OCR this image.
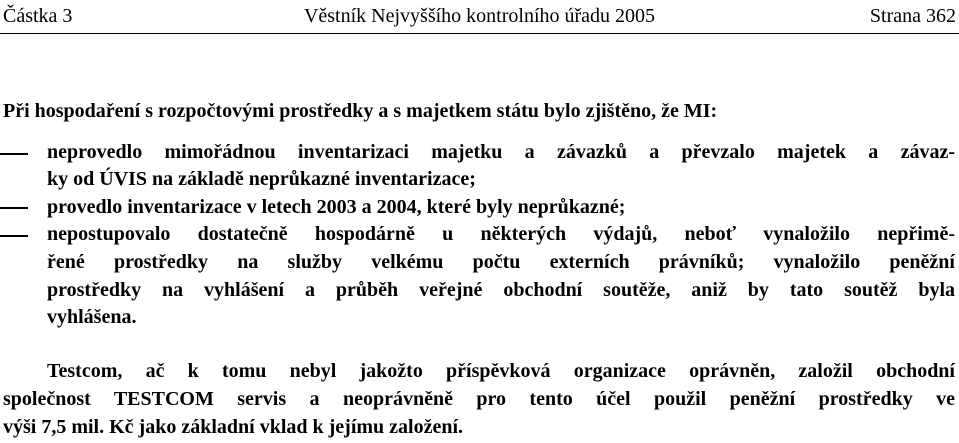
Věstník Nejvyššího kontrolního úřadu 2005
Částka 3	Strana 362
Při hospodaření s rozpočtovými prostředky a s majetkem státu bylo zjištěno, že MI:
neprovedlo mimořádnou inventarizaci majetku a závazků a převzalo majetek a závaz-
ky od ÚVIS na základě neprůkazné inventarizace;
provedlo inventarizace v letech 2003 a 2004, které byly neprůkazné;
nepostupovalo dostatečně hospodárně u některých výdajů, neboť vynaložilo nepřimě-
řené prostředky na služby velkému počtu externích právníků; vynaložilo peněžní
prostředky na vyhlášení a průběh veřejné obchodní soutěže, aniž by tato soutěž byla
vyhlášena.
Testcom, ač k tomu nebyl jakožto příspěvková organizace oprávněn, založil obchodní
společnost TESTCOM servis a neoprávněně pro tento účel použil peněžní prostředky ve
výši 7,5 mil. Kč jako základní vklad k jejímu založení.
